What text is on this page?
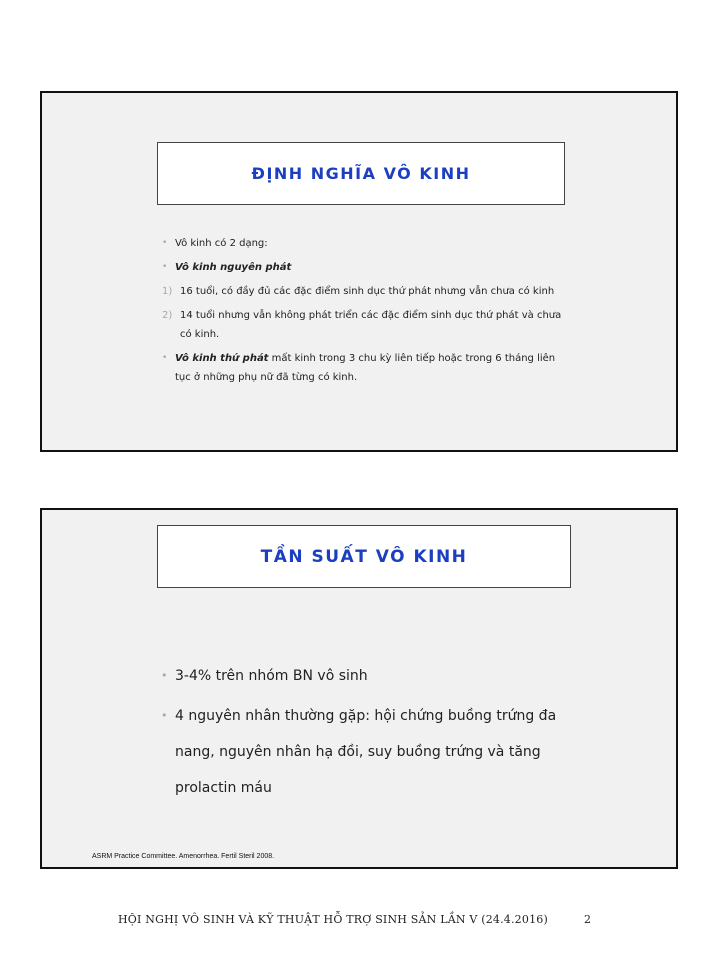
ĐỊNH NGHĨA VÔ KINH
• Vô kinh có 2 dạng:
• Vô kinh nguyên phát
1) 16 tuổi, có đầy đủ các đặc điểm sinh dục thứ phát nhưng vẫn chưa có kinh
2) 14 tuổi nhưng vẫn không phát triển các đặc điểm sinh dục thứ phát và chưa có kinh.
• Vô kinh thứ phát mất kinh trong 3 chu kỳ liên tiếp hoặc trong 6 tháng liên tục ở những phụ nữ đã từng có kinh.
TẦN SUẤT VÔ KINH
• 3-4% trên nhóm BN vô sinh
• 4 nguyên nhân thường gặp: hội chứng buồng trứng đa nang, nguyên nhân hạ đồi, suy buồng trứng và tăng prolactin máu
ASRM Practice Committee. Amenorrhea. Fertil Steril 2008.
HỘI NGHỊ VÔ SINH VÀ KỸ THUẬT HỖ TRỢ SINH SẢN LẦN V (24.4.2016)	2
